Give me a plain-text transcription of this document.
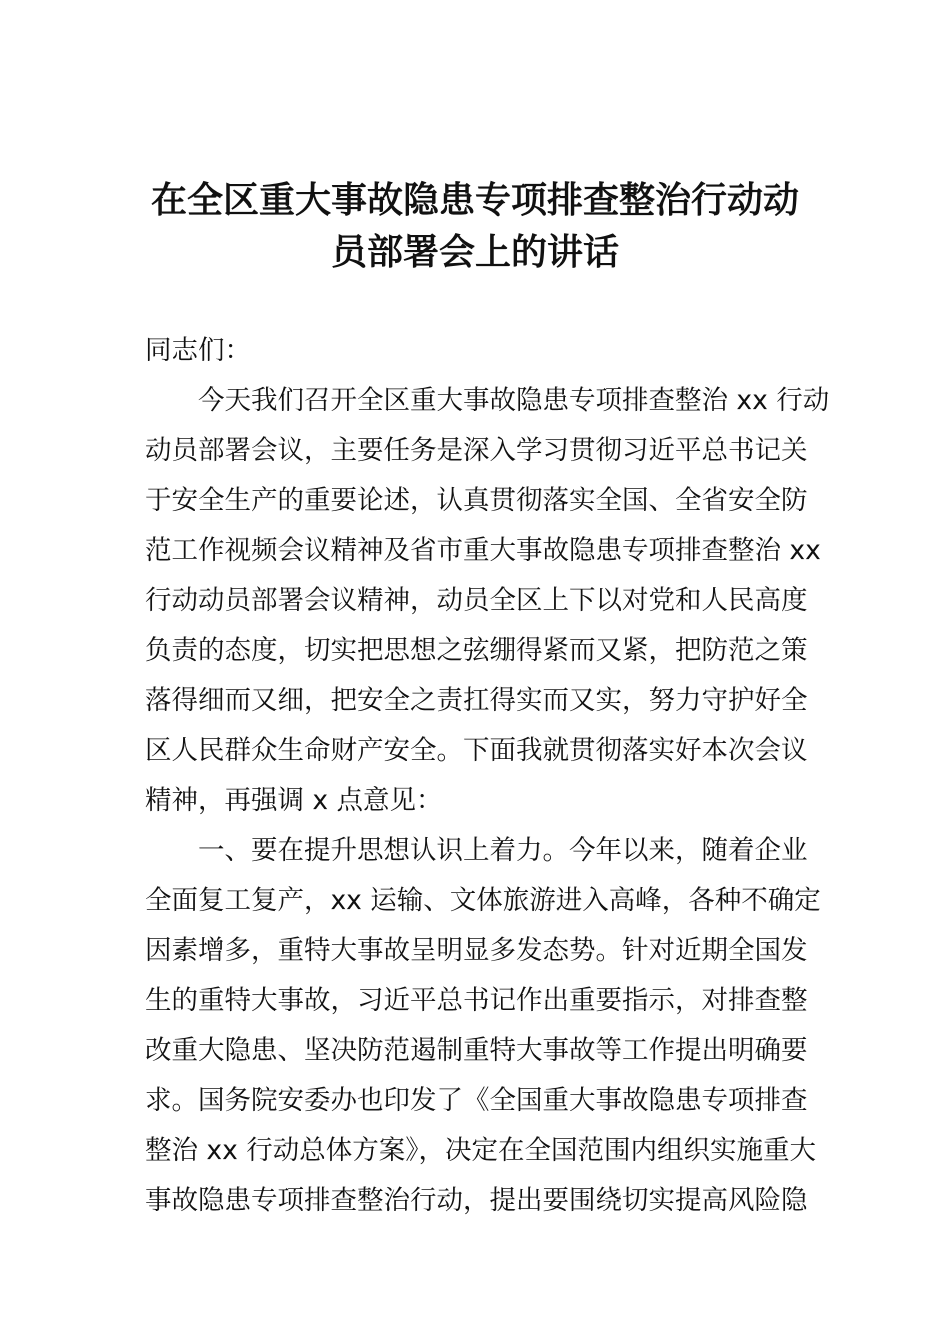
在全区重大事故隐患专项排查整治行动动
员部署会上的讲话
同志们：
　　今天我们召开全区重大事故隐患专项排查整治 xx 行动
动员部署会议，主要任务是深入学习贯彻习近平总书记关
于安全生产的重要论述，认真贯彻落实全国、全省安全防
范工作视频会议精神及省市重大事故隐患专项排查整治 xx
行动动员部署会议精神，动员全区上下以对党和人民高度
负责的态度，切实把思想之弦绷得紧而又紧，把防范之策
落得细而又细，把安全之责扛得实而又实，努力守护好全
区人民群众生命财产安全。下面我就贯彻落实好本次会议
精神，再强调 x 点意见：
　　一、要在提升思想认识上着力。今年以来，随着企业
全面复工复产，xx 运输、文体旅游进入高峰，各种不确定
因素增多，重特大事故呈明显多发态势。针对近期全国发
生的重特大事故，习近平总书记作出重要指示，对排查整
改重大隐患、坚决防范遏制重特大事故等工作提出明确要
求。国务院安委办也印发了《全国重大事故隐患专项排查
整治 xx 行动总体方案》，决定在全国范围内组织实施重大
事故隐患专项排查整治行动，提出要围绕切实提高风险隐
